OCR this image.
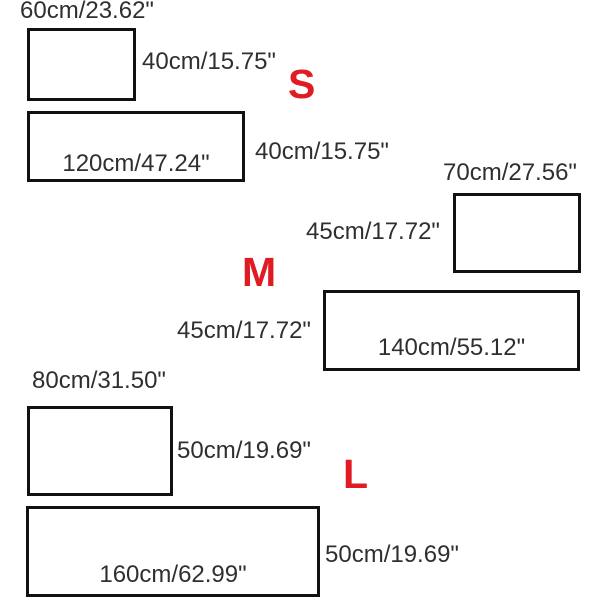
60cm/23.62"
40cm/15.75" S
120cm/47.24" 40cm/15.75"
70cm/27.56"
45cm/17.72"
M
45cm/17.72"
140cm/55.12"
80cm/31.50"
50cm/19.69"
L
160cm/62.99"
50cm/19.69"
